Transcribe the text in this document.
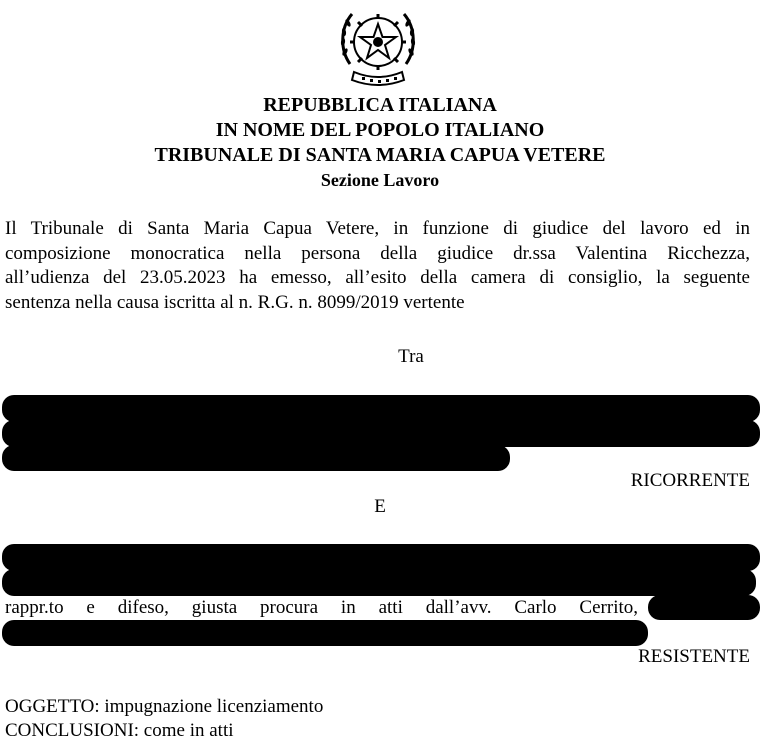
REPUBBLICA ITALIANA
IN NOME DEL POPOLO ITALIANO
TRIBUNALE DI SANTA MARIA CAPUA VETERE
Sezione Lavoro
Il Tribunale di Santa Maria Capua Vetere, in funzione di giudice del lavoro ed in
composizione monocratica nella persona della giudice dr.ssa Valentina Ricchezza,
all’udienza del 23.05.2023 ha emesso, all’esito della camera di consiglio, la seguente
sentenza nella causa iscritta al n. R.G. n. 8099/2019 vertente
Tra
RICORRENTE
E
rappr.to e difeso, giusta procura in atti dall’avv. Carlo Cerrito,
RESISTENTE
OGGETTO: impugnazione licenziamento
CONCLUSIONI: come in atti
